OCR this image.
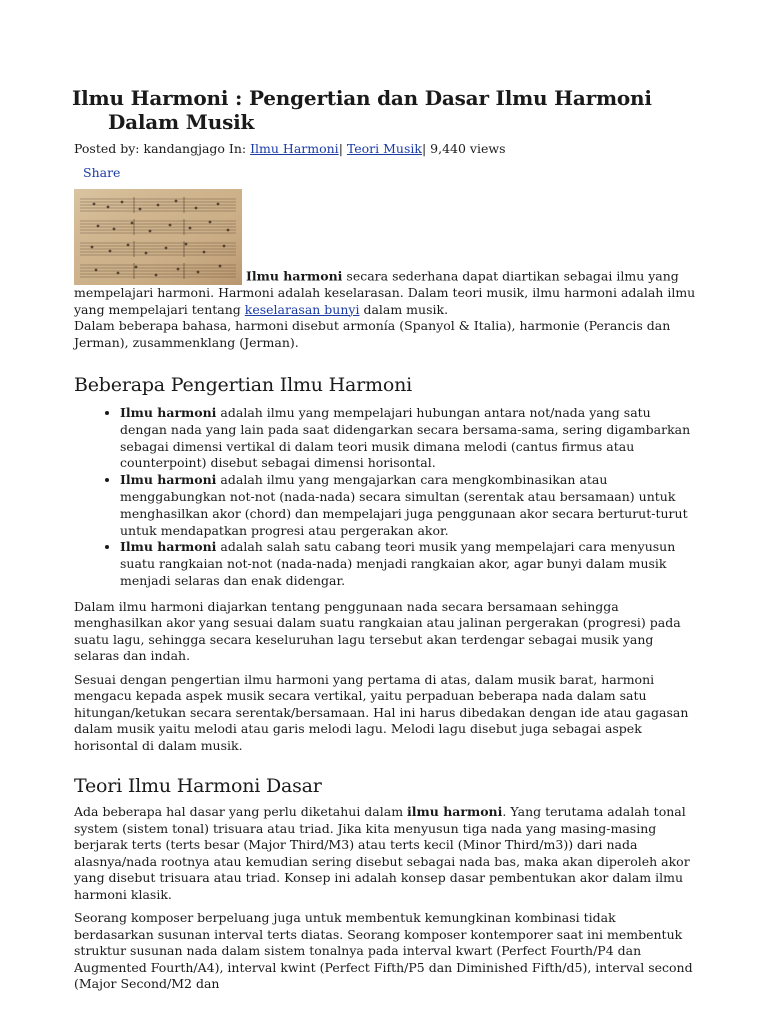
Ilmu Harmoni : Pengertian dan Dasar Ilmu Harmoni Dalam Musik
Posted by: kandangjago In: Ilmu Harmoni| Teori Musik| 9,440 views
Share
Ilmu harmoni secara sederhana dapat diartikan sebagai ilmu yang mempelajari harmoni. Harmoni adalah keselarasan. Dalam teori musik, ilmu harmoni adalah ilmu yang mempelajari tentang keselarasan bunyi dalam musik.
Dalam beberapa bahasa, harmoni disebut armonía (Spanyol & Italia), harmonie (Perancis dan Jerman), zusammenklang (Jerman).
Beberapa Pengertian Ilmu Harmoni
• Ilmu harmoni adalah ilmu yang mempelajari hubungan antara not/nada yang satu dengan nada yang lain pada saat didengarkan secara bersama-sama, sering digambarkan sebagai dimensi vertikal di dalam teori musik dimana melodi (cantus firmus atau counterpoint) disebut sebagai dimensi horisontal.
• Ilmu harmoni adalah ilmu yang mengajarkan cara mengkombinasikan atau menggabungkan not-not (nada-nada) secara simultan (serentak atau bersamaan) untuk menghasilkan akor (chord) dan mempelajari juga penggunaan akor secara berturut-turut untuk mendapatkan progresi atau pergerakan akor.
• Ilmu harmoni adalah salah satu cabang teori musik yang mempelajari cara menyusun suatu rangkaian not-not (nada-nada) menjadi rangkaian akor, agar bunyi dalam musik menjadi selaras dan enak didengar.

Dalam ilmu harmoni diajarkan tentang penggunaan nada secara bersamaan sehingga menghasilkan akor yang sesuai dalam suatu rangkaian atau jalinan pergerakan (progresi) pada suatu lagu, sehingga secara keseluruhan lagu tersebut akan terdengar sebagai musik yang selaras dan indah.

Sesuai dengan pengertian ilmu harmoni yang pertama di atas, dalam musik barat, harmoni mengacu kepada aspek musik secara vertikal, yaitu perpaduan beberapa nada dalam satu hitungan/ketukan secara serentak/bersamaan. Hal ini harus dibedakan dengan ide atau gagasan dalam musik yaitu melodi atau garis melodi lagu. Melodi lagu disebut juga sebagai aspek horisontal di dalam musik.

Teori Ilmu Harmoni Dasar

Ada beberapa hal dasar yang perlu diketahui dalam ilmu harmoni. Yang terutama adalah tonal system (sistem tonal) trisuara atau triad. Jika kita menyusun tiga nada yang masing-masing berjarak terts (terts besar (Major Third/M3) atau terts kecil (Minor Third/m3)) dari nada alasnya/nada rootnya atau kemudian sering disebut sebagai nada bas, maka akan diperoleh akor yang disebut trisuara atau triad. Konsep ini adalah konsep dasar pembentukan akor dalam ilmu harmoni klasik.

Seorang komposer berpeluang juga untuk membentuk kemungkinan kombinasi tidak berdasarkan susunan interval terts diatas. Seorang komposer kontemporer saat ini membentuk struktur susunan nada dalam sistem tonalnya pada interval kwart (Perfect Fourth/P4 dan Augmented Fourth/A4), interval kwint (Perfect Fifth/P5 dan Diminished Fifth/d5), interval second (Major Second/M2 dan
